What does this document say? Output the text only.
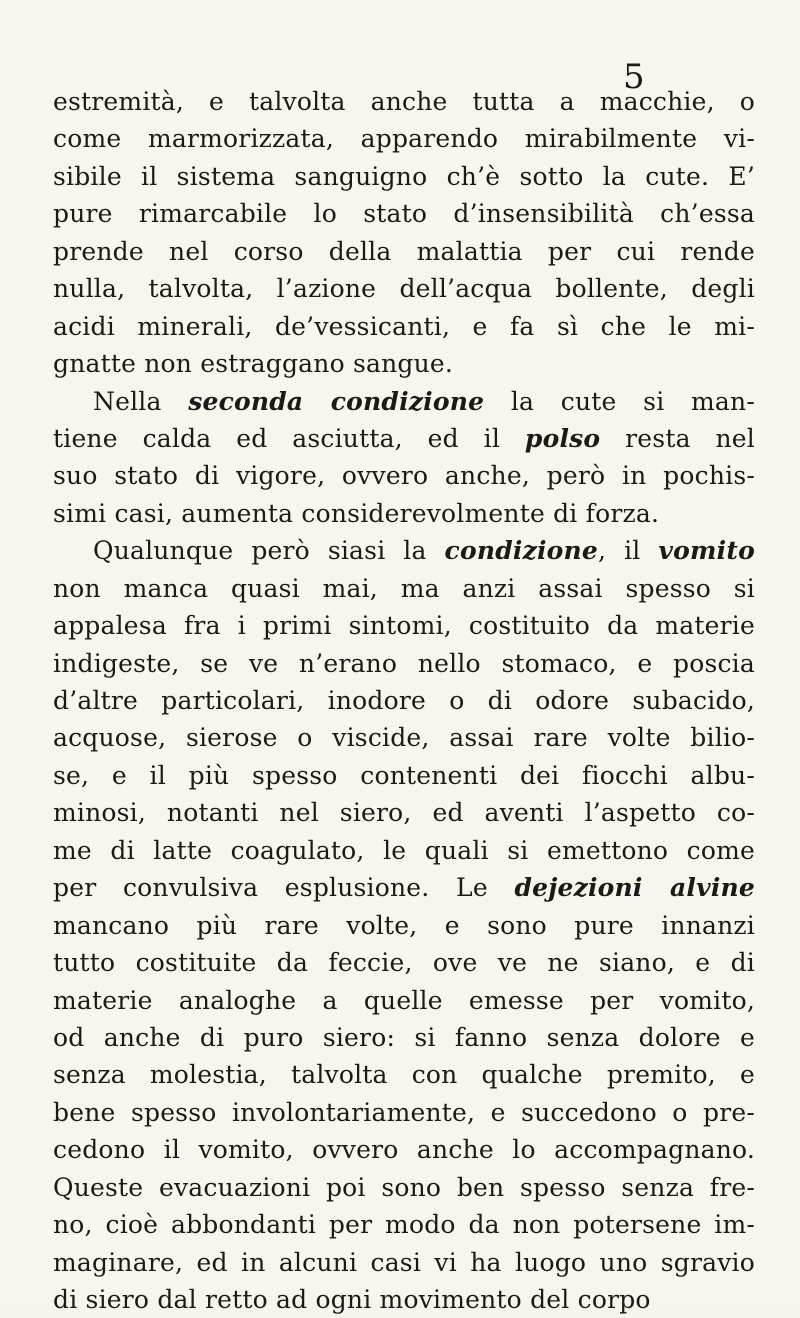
5
estremità, e talvolta anche tutta a macchie, o
come marmorizzata, apparendo mirabilmente vi-
sibile il sistema sanguigno ch’è sotto la cute. E’
pure rimarcabile lo stato d’insensibilità ch’essa
prende nel corso della malattia per cui rende
nulla, talvolta, l’azione dell’acqua bollente, degli
acidi minerali, de’vessicanti, e fa sì che le mi-
gnatte non estraggano sangue.
Nella seconda condizione la cute si man-
tiene calda ed asciutta, ed il polso resta nel
suo stato di vigore, ovvero anche, però in pochis-
simi casi, aumenta considerevolmente di forza.
Qualunque però siasi la condizione, il vomito
non manca quasi mai, ma anzi assai spesso si
appalesa fra i primi sintomi, costituito da materie
indigeste, se ve n’erano nello stomaco, e poscia
d’altre particolari, inodore o di odore subacido,
acquose, sierose o viscide, assai rare volte bilio-
se, e il più spesso contenenti dei fiocchi albu-
minosi, notanti nel siero, ed aventi l’aspetto co-
me di latte coagulato, le quali si emettono come
per convulsiva esplusione. Le dejezioni alvine
mancano più rare volte, e sono pure innanzi
tutto costituite da feccie, ove ve ne siano, e di
materie analoghe a quelle emesse per vomito,
od anche di puro siero: si fanno senza dolore e
senza molestia, talvolta con qualche premito, e
bene spesso involontariamente, e succedono o pre-
cedono il vomito, ovvero anche lo accompagnano.
Queste evacuazioni poi sono ben spesso senza fre-
no, cioè abbondanti per modo da non potersene im-
maginare, ed in alcuni casi vi ha luogo uno sgravio
di siero dal retto ad ogni movimento del corpo
